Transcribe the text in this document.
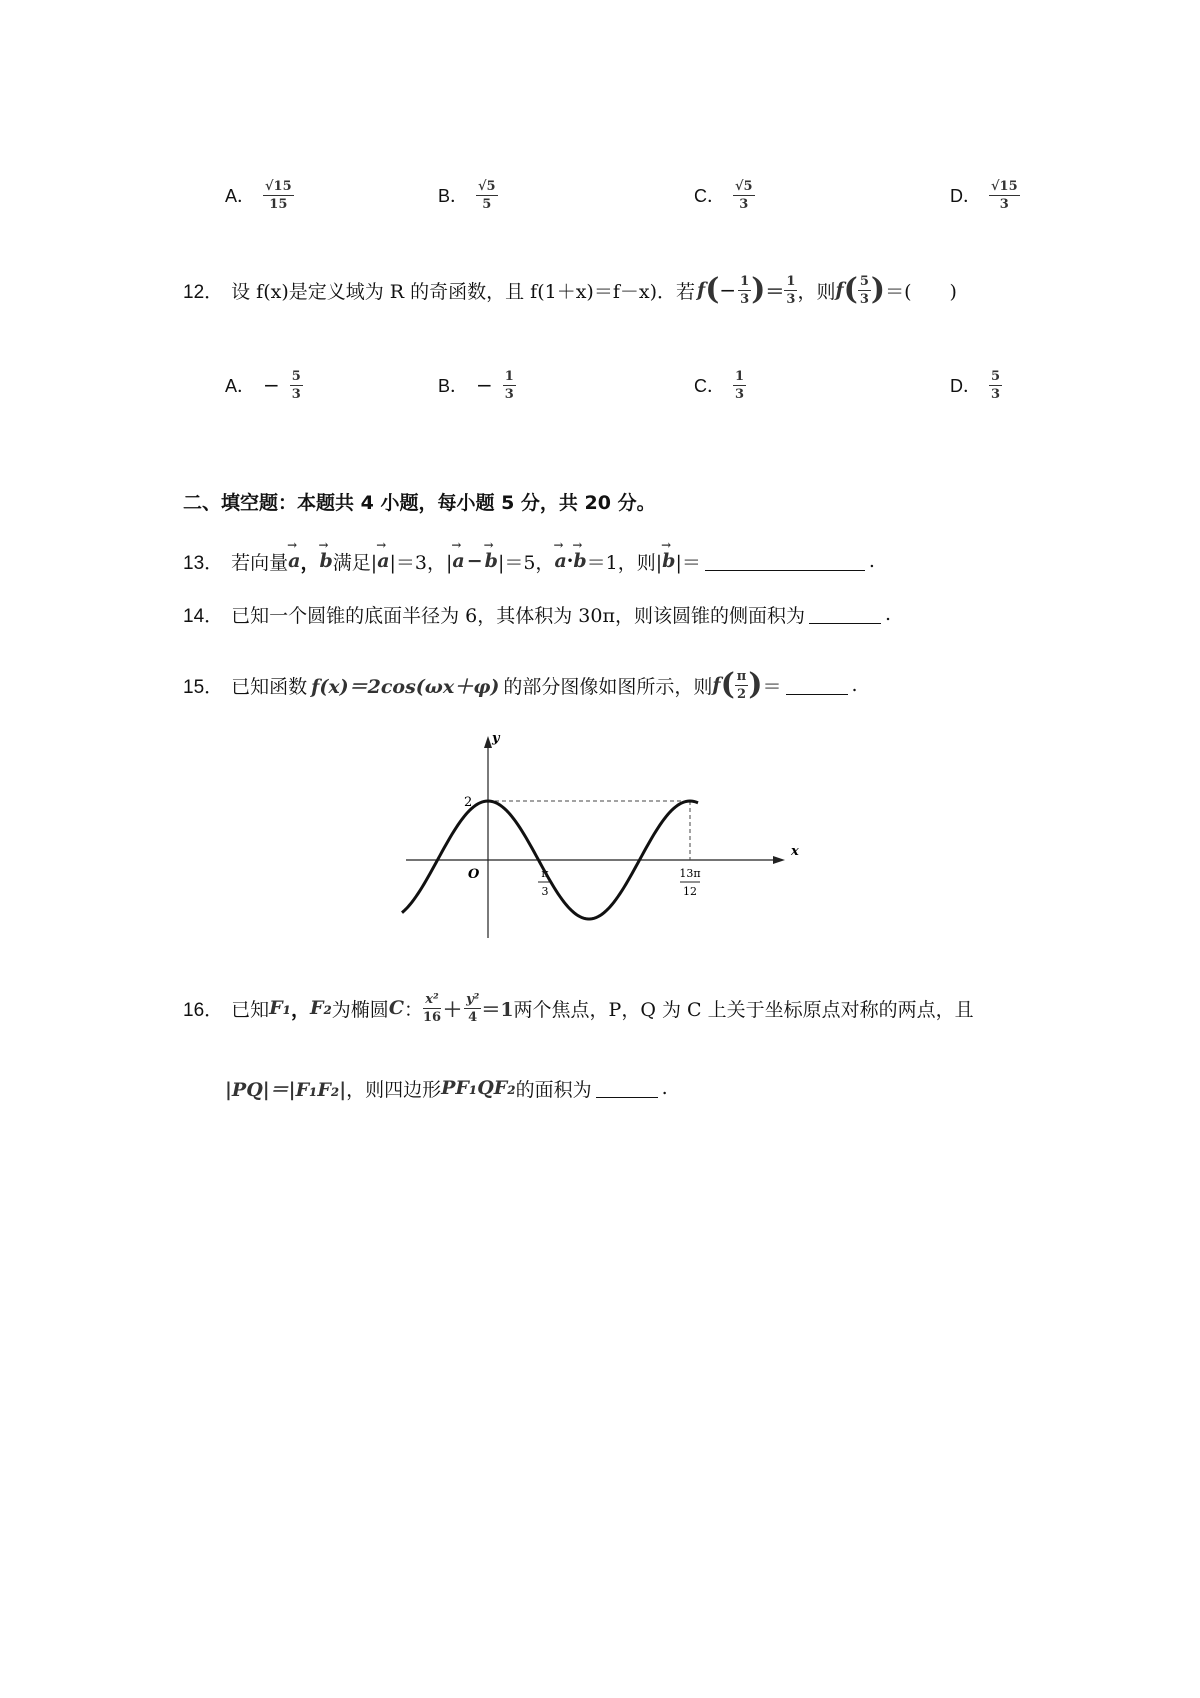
A． $\frac{√15}{15}$	B． $\frac{√5}{5}$	C． $\frac{√5}{3}$	D． $\frac{√15}{3}$
12． 设 f(x)是定义域为 R 的奇函数，且 f(1＋x)＝f－x)．若 f ( − $\frac{1}{3}$ ) ＝ $\frac{1}{3}$ ，则 f ( $\frac{5}{3}$ ) ＝(　　)
A． − $\frac{5}{3}$	B． − $\frac{1}{3}$	C． $\frac{1}{3}$	D． $\frac{5}{3}$
二、填空题：本题共 4 小题，每小题 5 分，共 20 分。
13． 若向量 → a ， → b 满足| → a |＝3，| → a − → b |＝5， → a · → b ＝1，则| → b |＝	.
14． 已知一个圆锥的底面半径为 6，其体积为 30π，则该圆锥的侧面积为	.
15． 已知函数 f(x)＝2cos(ωx＋φ) 的部分图像如图所示，则 f ( $\frac{\pi}{2}$ ) ＝	.
y
x
O
2
π
3
13π
12
16． 已知 F₁ ， F₂ 为椭圆 C ： $\frac{\text{x²}}{16} + \frac{\text{y²}}{4} =1$ 两个焦点，P，Q 为 C 上关于坐标原点对称的两点，且
|PQ|＝|F₁F₂| ，则四边形 PF₁QF₂ 的面积为	.
